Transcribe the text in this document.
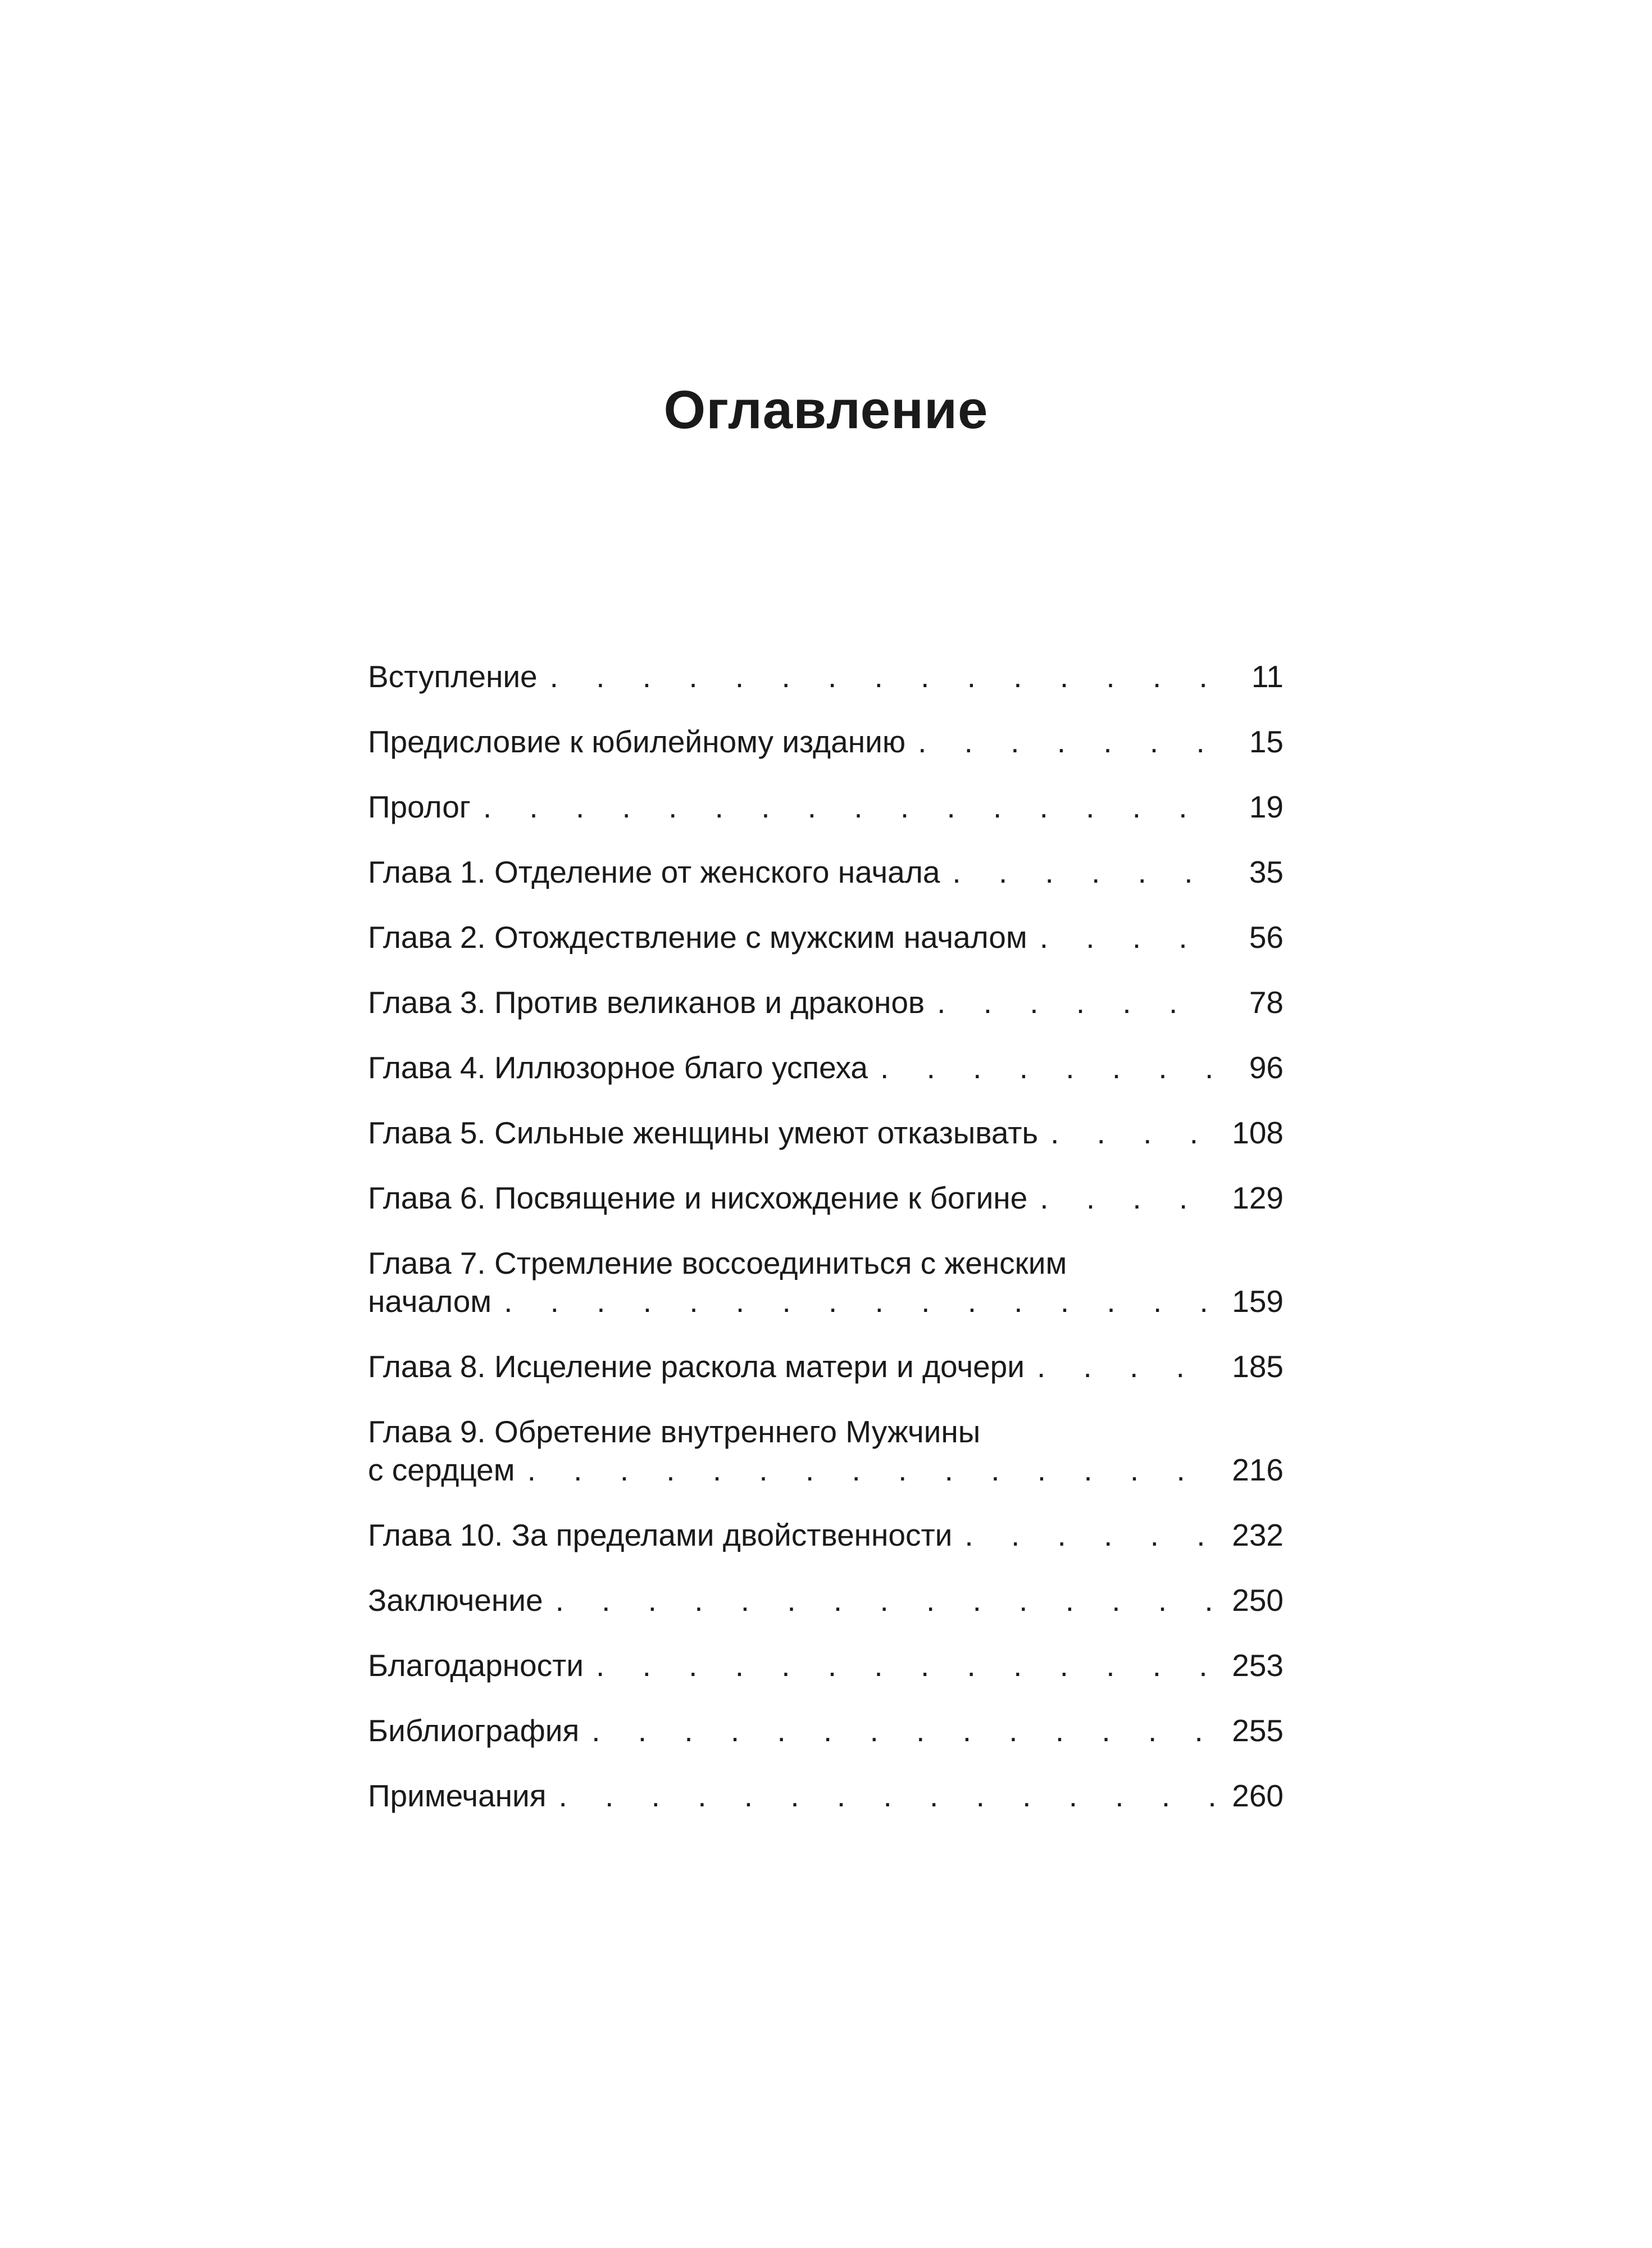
Оглавление
Вступление . . .	11
Предисловие к юбилейному изданию . . .	15
Пролог . . .	19
Глава 1. Отделение от женского начала . . .	35
Глава 2. Отождествление с мужским началом . . .	56
Глава 3. Против великанов и драконов . . .	78
Глава 4. Иллюзорное благо успеха . . .	96
Глава 5. Сильные женщины умеют отказывать . . .	108
Глава 6. Посвящение и нисхождение к богине . . .	129
Глава 7. Стремление воссоединиться с женским
началом . . .	159
Глава 8. Исцеление раскола матери и дочери . . .	185
Глава 9. Обретение внутреннего Мужчины
с сердцем . . .	216
Глава 10. За пределами двойственности . . .	232
Заключение . . .	250
Благодарности . . .	253
Библиография . . .	255
Примечания . . .	260
